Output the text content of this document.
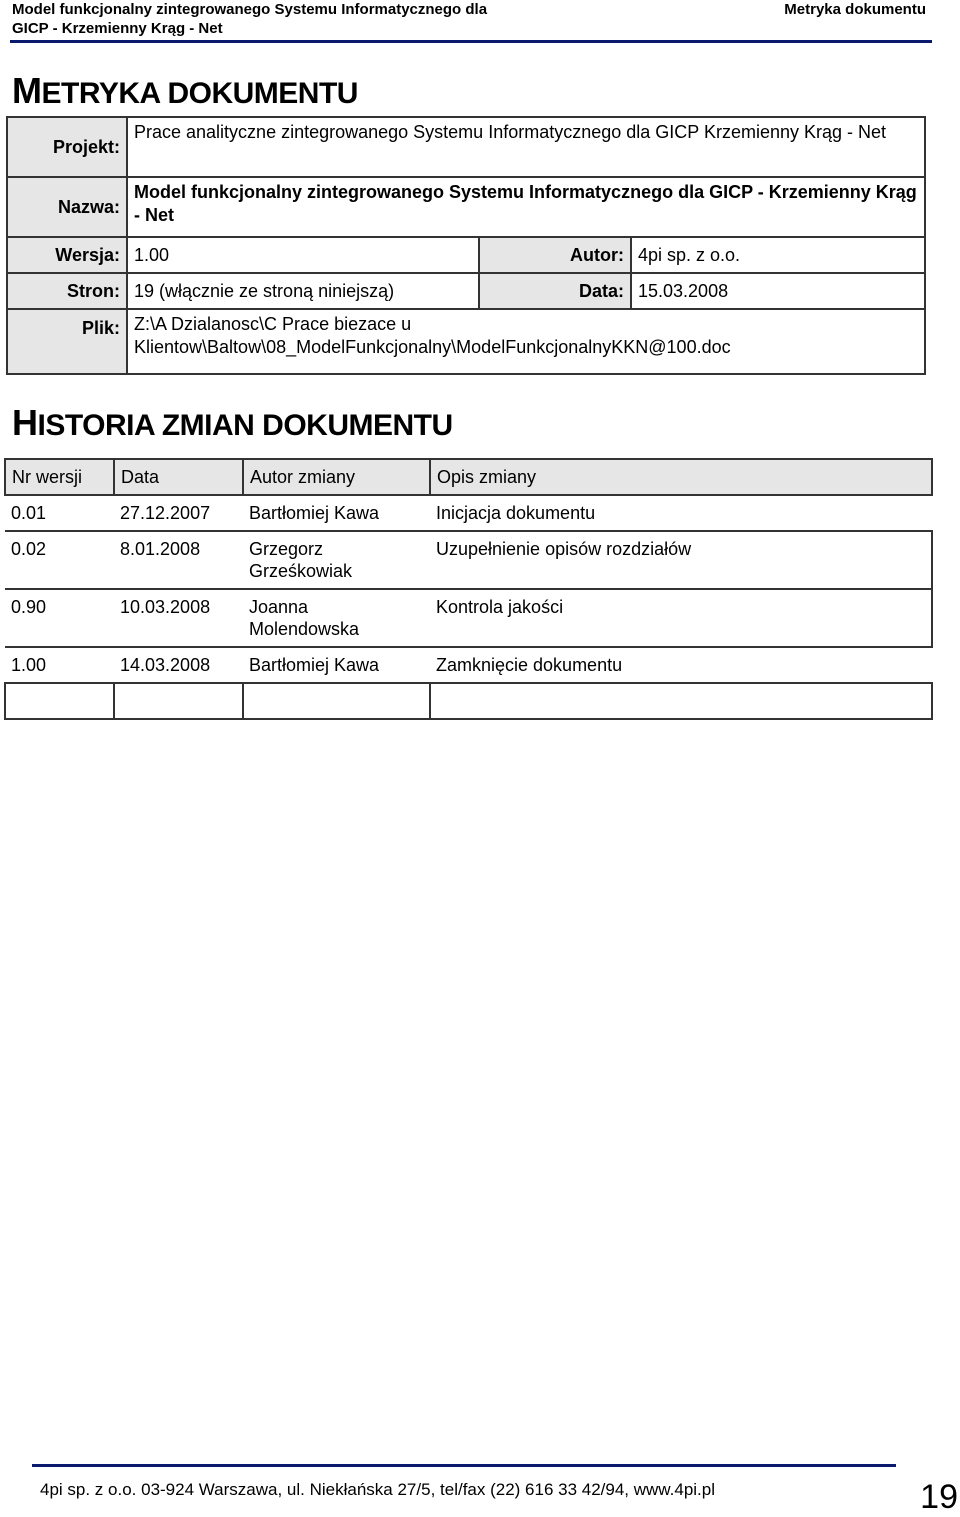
Model funkcjonalny zintegrowanego Systemu Informatycznego dla
GICP - Krzemienny Krąg - Net
Metryka dokumentu
METRYKA DOKUMENTU
Projekt:	Prace analityczne zintegrowanego Systemu Informatycznego dla GICP Krzemienny Krąg - Net		
Nazwa:	Model funkcjonalny zintegrowanego Systemu Informatycznego dla GICP - Krzemienny Krąg - Net		
Wersja:	1.00	Autor:	4pi sp. z o.o.
Stron:	19 (włącznie ze stroną niniejszą)	Data:	15.03.2008
Plik:	Z:\A Dzialanosc\C Prace biezace u Klientow\Baltow\08_ModelFunkcjonalny\ModelFunkcjonalnyKKN@100.doc		
HISTORIA ZMIAN DOKUMENTU
Nr wersji	Data	Autor zmiany	Opis zmiany
0.01	27.12.2007	Bartłomiej Kawa	Inicjacja dokumentu
0.02	8.01.2008	Grzegorz Grześkowiak	Uzupełnienie opisów rozdziałów
0.90	10.03.2008	Joanna Molendowska	Kontrola jakości
1.00	14.03.2008	Bartłomiej Kawa	Zamknięcie dokumentu

4pi sp. z o.o. 03-924 Warszawa, ul. Niekłańska 27/5, tel/fax (22) 616 33 42/94, www.4pi.pl	19
